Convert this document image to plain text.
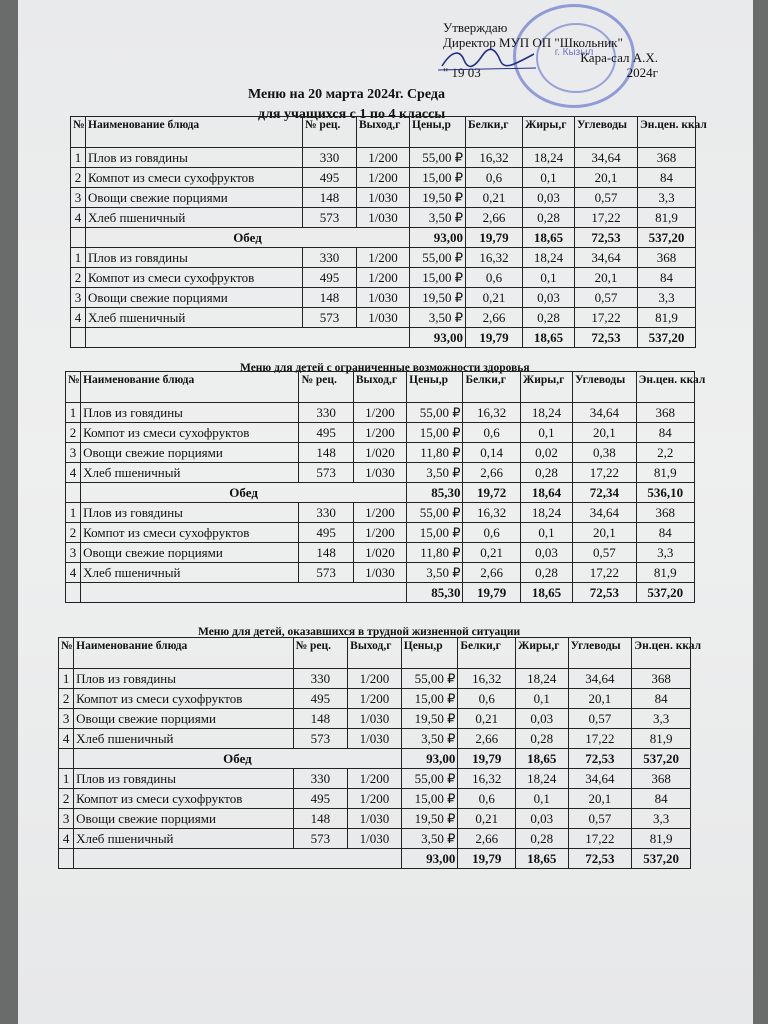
г. Кызыл
Утверждаю
Директор МУП ОП "Школьник"
Кара-сал А.Х.
" 19 03	2024г
Меню на 20 марта 2024г. Среда
для учащихся с 1 по 4 классы
Меню для детей с ограниченные возможности здоровья
Меню для детей, оказавшихся в трудной жизненной ситуации
№	Наименование блюда	№ рец.	Выход,г	Цены,р	Белки,г	Жиры,г	Углеводы	Эн.цен. ккал
1	Плов из говядины	330	1/200	55,00 ₽	16,32	18,24	34,64	368
2	Компот из смеси сухофруктов	495	1/200	15,00 ₽	0,6	0,1	20,1	84
3	Овощи свежие порциями	148	1/030	19,50 ₽	0,21	0,03	0,57	3,3
4	Хлеб пшеничный	573	1/030	3,50 ₽	2,66	0,28	17,22	81,9
	Обед			93,00	19,79	18,65	72,53	537,20
1	Плов из говядины	330	1/200	55,00 ₽	16,32	18,24	34,64	368
2	Компот из смеси сухофруктов	495	1/200	15,00 ₽	0,6	0,1	20,1	84
3	Овощи свежие порциями	148	1/030	19,50 ₽	0,21	0,03	0,57	3,3
4	Хлеб пшеничный	573	1/030	3,50 ₽	2,66	0,28	17,22	81,9
				93,00	19,79	18,65	72,53	537,20
№	Наименование блюда	№ рец.	Выход,г	Цены,р	Белки,г	Жиры,г	Углеводы	Эн.цен. ккал
1	Плов из говядины	330	1/200	55,00 ₽	16,32	18,24	34,64	368
2	Компот из смеси сухофруктов	495	1/200	15,00 ₽	0,6	0,1	20,1	84
3	Овощи свежие порциями	148	1/020	11,80 ₽	0,14	0,02	0,38	2,2
4	Хлеб пшеничный	573	1/030	3,50 ₽	2,66	0,28	17,22	81,9
	Обед			85,30	19,72	18,64	72,34	536,10
1	Плов из говядины	330	1/200	55,00 ₽	16,32	18,24	34,64	368
2	Компот из смеси сухофруктов	495	1/200	15,00 ₽	0,6	0,1	20,1	84
3	Овощи свежие порциями	148	1/020	11,80 ₽	0,21	0,03	0,57	3,3
4	Хлеб пшеничный	573	1/030	3,50 ₽	2,66	0,28	17,22	81,9
				85,30	19,79	18,65	72,53	537,20
№	Наименование блюда	№ рец.	Выход,г	Цены,р	Белки,г	Жиры,г	Углеводы	Эн.цен. ккал
1	Плов из говядины	330	1/200	55,00 ₽	16,32	18,24	34,64	368
2	Компот из смеси сухофруктов	495	1/200	15,00 ₽	0,6	0,1	20,1	84
3	Овощи свежие порциями	148	1/030	19,50 ₽	0,21	0,03	0,57	3,3
4	Хлеб пшеничный	573	1/030	3,50 ₽	2,66	0,28	17,22	81,9
	Обед			93,00	19,79	18,65	72,53	537,20
1	Плов из говядины	330	1/200	55,00 ₽	16,32	18,24	34,64	368
2	Компот из смеси сухофруктов	495	1/200	15,00 ₽	0,6	0,1	20,1	84
3	Овощи свежие порциями	148	1/030	19,50 ₽	0,21	0,03	0,57	3,3
4	Хлеб пшеничный	573	1/030	3,50 ₽	2,66	0,28	17,22	81,9
				93,00	19,79	18,65	72,53	537,20
